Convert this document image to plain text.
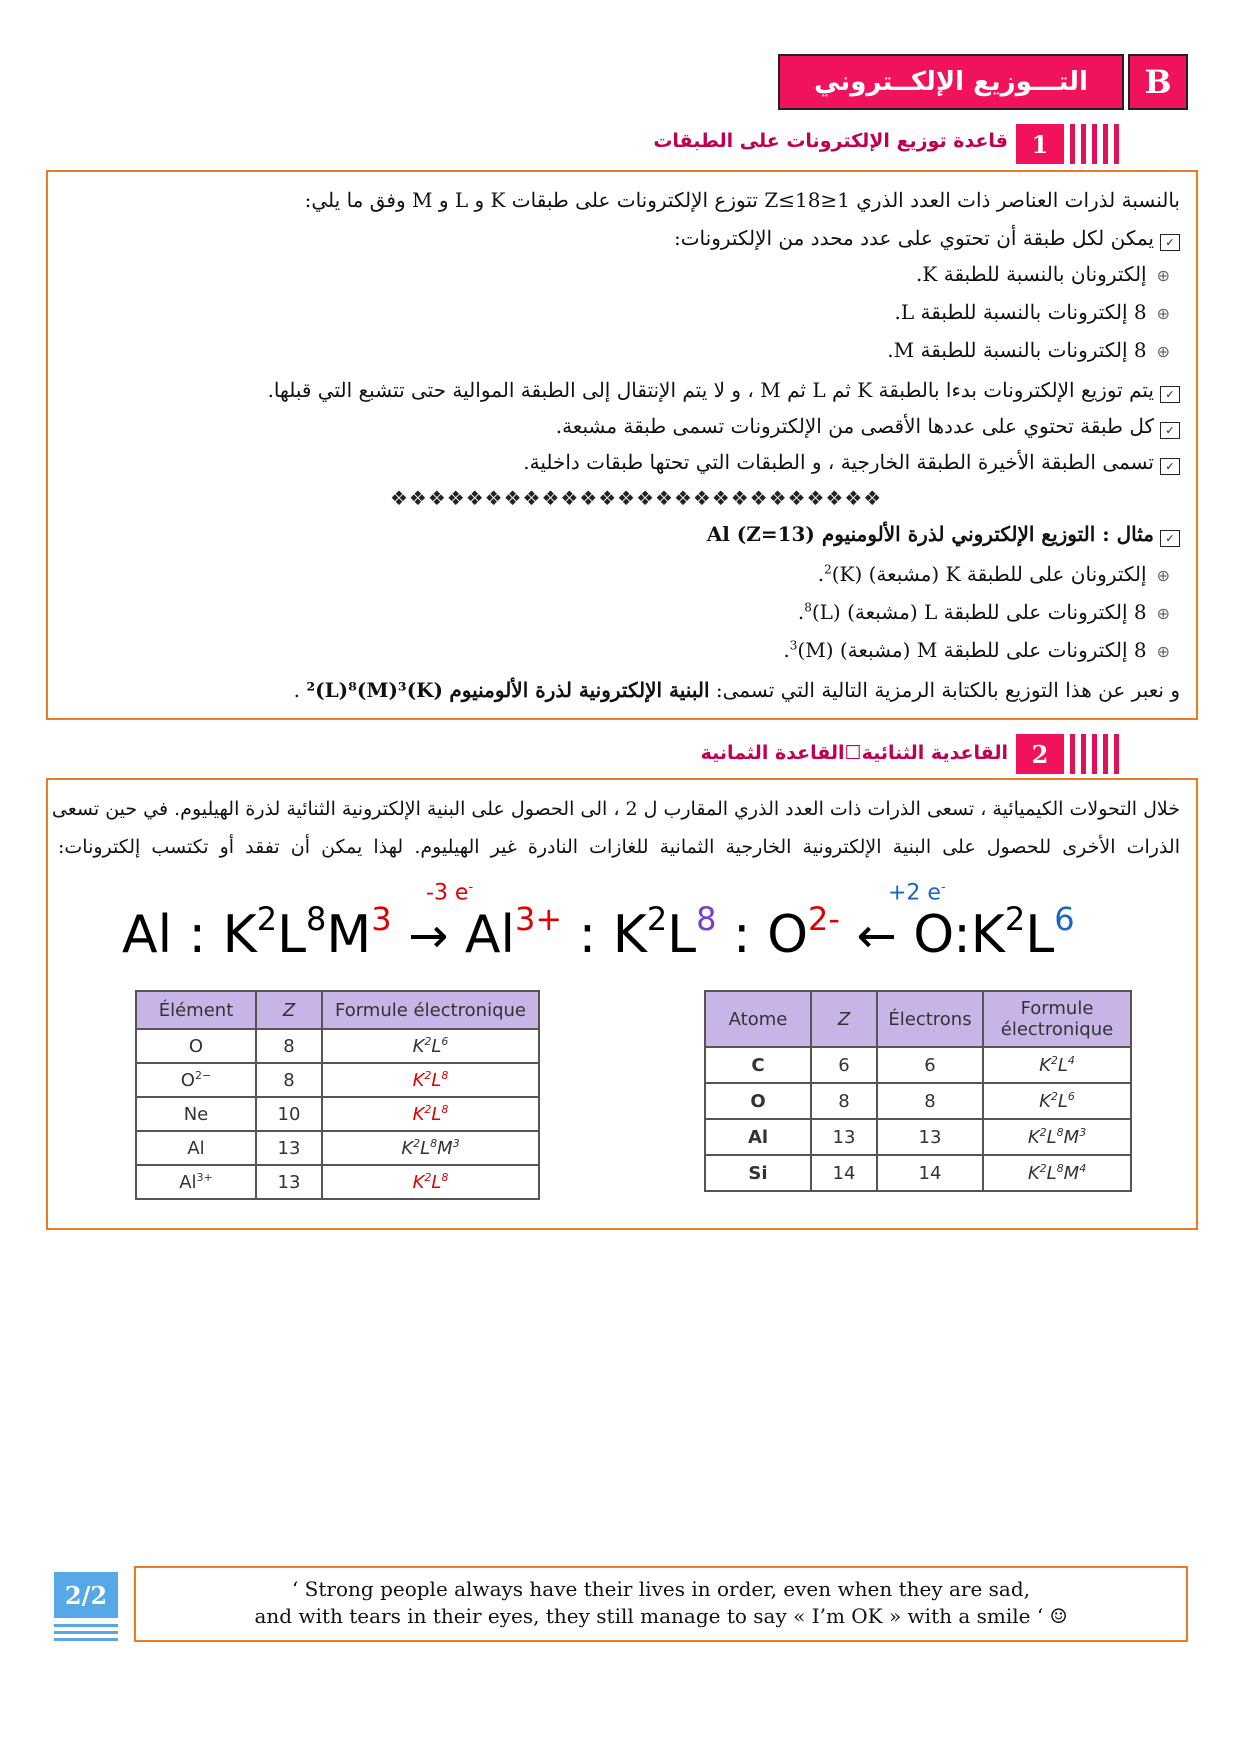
التـــوزيع الإلكــتروني	B
قاعدة توزيع الإلكترونات على الطبقات 1
بالنسبة لذرات العناصر ذات العدد الذري 1≤Z≤18 تتوزع الإلكترونات على طبقات K و L و M وفق ما يلي:
✓يمكن لكل طبقة أن تحتوي على عدد محدد من الإلكترونات:
⊕إلكترونان بالنسبة للطبقة K.
⊕8 إلكترونات بالنسبة للطبقة L.
⊕8 إلكترونات بالنسبة للطبقة M.
✓يتم توزيع الإلكترونات بدءا بالطبقة K ثم L ثم M ، و لا يتم الإنتقال إلى الطبقة الموالية حتى تتشبع التي قبلها.
✓كل طبقة تحتوي على عددها الأقصى من الإلكترونات تسمى طبقة مشبعة.
✓تسمى الطبقة الأخيرة الطبقة الخارجية ، و الطبقات التي تحتها طبقات داخلية.
❖❖❖❖❖❖❖❖❖❖❖❖❖❖❖❖❖❖❖❖❖❖❖❖❖❖
✓مثال : التوزيع الإلكتروني لذرة الألومنيوم Al (Z=13)
⊕إلكترونان على للطبقة K (مشبعة) $(K)^2$.
⊕8 إلكترونات على للطبقة L (مشبعة) $(L)^8$.
⊕8 إلكترونات على للطبقة M (مشبعة) $(M)^3$.
و نعبر عن هذا التوزيع بالكتابة الرمزية التالية التي تسمى: البنية الإلكترونية لذرة الألومنيوم (K)²(L)⁸(M)³ .
القاعدية الثنائية☐القاعدة الثمانية 2
خلال التحولات الكيميائية ، تسعى الذرات ذات العدد الذري المقارب ل 2 ، الى الحصول على البنية الإلكترونية الثنائية لذرة الهيليوم. في حين تسعى
الذرات الأخرى للحصول على البنية الإلكترونية الخارجية الثمانية للغازات النادرة غير الهيليوم. لهذا يمكن أن تفقد أو تكتسب إلكترونات:
-3 e-	+2 e-
Al : $K^2L^8M^3 \to Al^{3+}$ : $K^2L^8$ : $O^{2-}$ ← $O:K^2L^6$
Élément	Z	Formule électronique
O	8	$K^2L^6$
$O^{2-}$	8	$K^2L^8$
Ne	10	$K^2L^8$
Al	13	$K^2L^8M^3$
$Al^{3+}$	13	$K^2L^8$
Atome	Z	Électrons	Formule électronique
C	6	6	$K^2L^4$
O	8	8	$K^2L^6$
Al	13	13	$K^2L^8M^3$
Si	14	14	$K^2L^8M^4$
2/2	‘ Strong people always have their lives in order, even when they are sad,
and with tears in their eyes, they still manage to say « I’m OK » with a smile ‘ ☺
